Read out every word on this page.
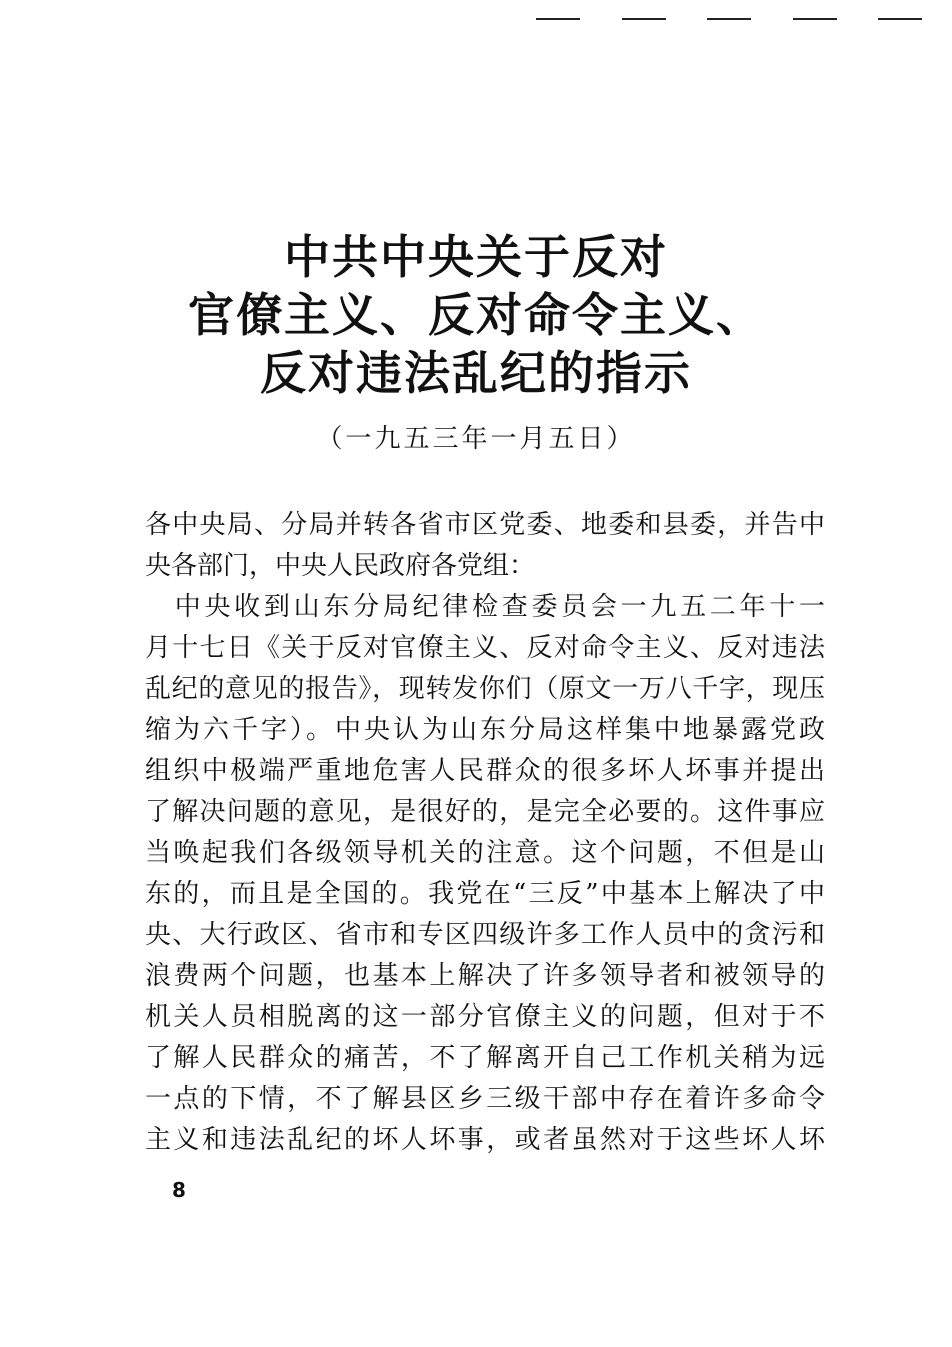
中共中央关于反对
官僚主义、反对命令主义、
反对违法乱纪的指示
（一九五三年一月五日）
各中央局、分局并转各省市区党委、地委和县委，并告中
央各部门，中央人民政府各党组：
　中央收到山东分局纪律检查委员会一九五二年十一
月十七日《关于反对官僚主义、反对命令主义、反对违法
乱纪的意见的报告》，现转发你们（原文一万八千字，现压
缩为六千字）。中央认为山东分局这样集中地暴露党政
组织中极端严重地危害人民群众的很多坏人坏事并提出
了解决问题的意见，是很好的，是完全必要的。这件事应
当唤起我们各级领导机关的注意。这个问题，不但是山
东的，而且是全国的。我党在“三反”中基本上解决了中
央、大行政区、省市和专区四级许多工作人员中的贪污和
浪费两个问题，也基本上解决了许多领导者和被领导的
机关人员相脱离的这一部分官僚主义的问题，但对于不
了解人民群众的痛苦，不了解离开自己工作机关稍为远
一点的下情，不了解县区乡三级干部中存在着许多命令
主义和违法乱纪的坏人坏事，或者虽然对于这些坏人坏
8
